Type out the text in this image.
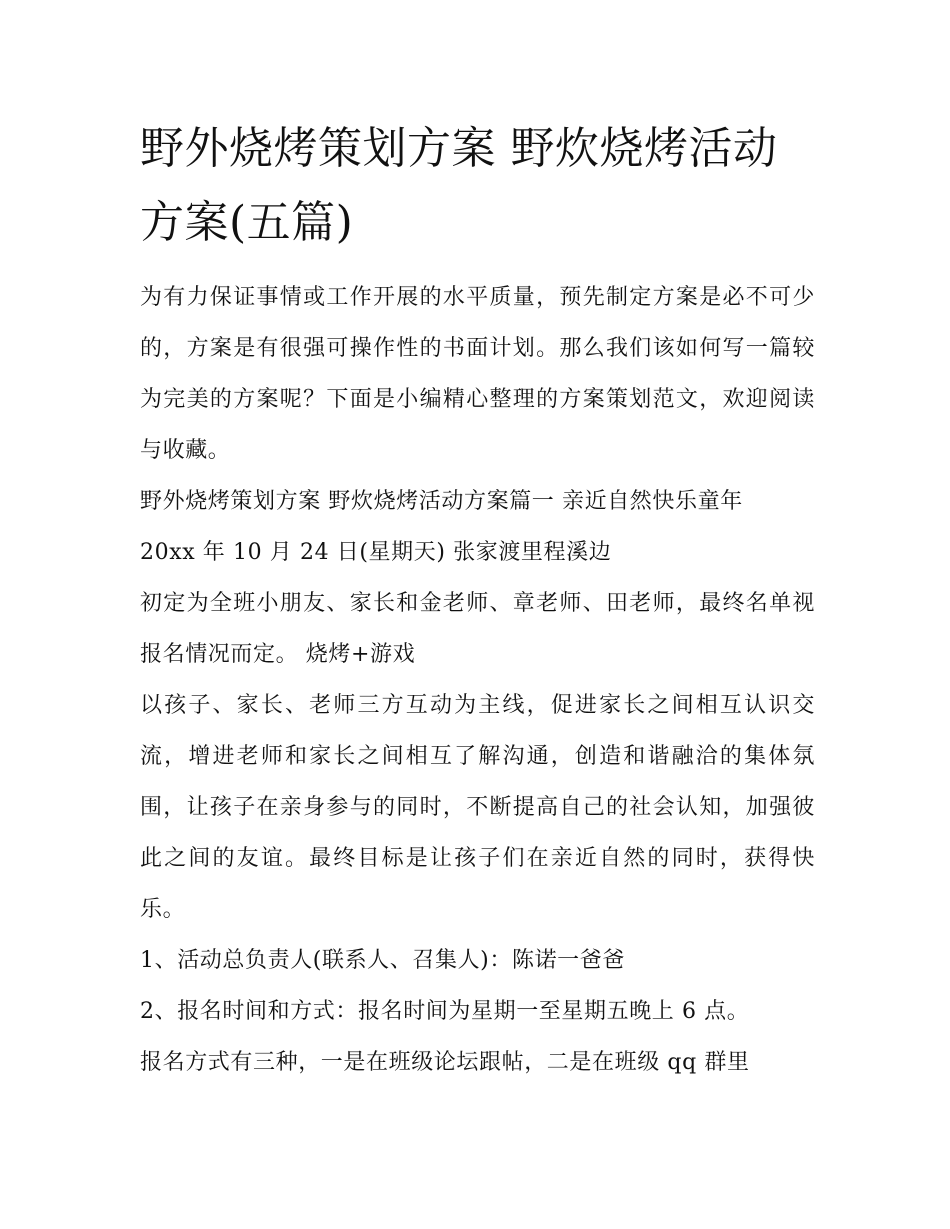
野外烧烤策划方案 野炊烧烤活动方案(五篇)

为有力保证事情或工作开展的水平质量，预先制定方案是必不可少的，方案是有很强可操作性的书面计划。那么我们该如何写一篇较为完美的方案呢？下面是小编精心整理的方案策划范文，欢迎阅读与收藏。

野外烧烤策划方案 野炊烧烤活动方案篇一 亲近自然快乐童年

20xx 年 10 月 24 日(星期天) 张家渡里程溪边

初定为全班小朋友、家长和金老师、章老师、田老师，最终名单视报名情况而定。 烧烤+游戏

以孩子、家长、老师三方互动为主线，促进家长之间相互认识交流，增进老师和家长之间相互了解沟通，创造和谐融洽的集体氛围，让孩子在亲身参与的同时，不断提高自己的社会认知，加强彼此之间的友谊。最终目标是让孩子们在亲近自然的同时，获得快乐。

1、活动总负责人(联系人、召集人)：陈诺一爸爸

2、报名时间和方式：报名时间为星期一至星期五晚上 6 点。

报名方式有三种，一是在班级论坛跟帖，二是在班级 qq 群里
